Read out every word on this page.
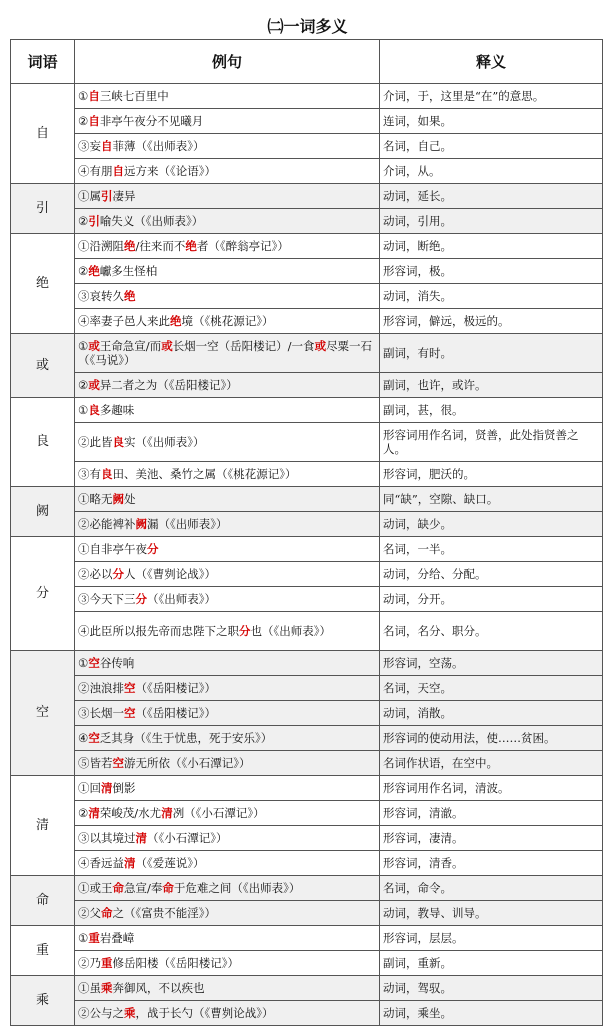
㈡一词多义
词语	例句	释义
自	①自三峡七百里中	介词，于，这里是“在”的意思。
	②自非亭午夜分不见曦月	连词，如果。
	③妄自菲薄（《出师表》）	名词，自己。
	④有朋自远方来（《论语》）	介词，从。
引	①属引凄异	动词，延长。
	②引喻失义（《出师表》）	动词，引用。
绝	①沿溯阻绝/往来而不绝者（《醉翁亭记》）	动词，断绝。
	②绝巘多生怪柏	形容词，极。
	③哀转久绝	动词，消失。
	④率妻子邑人来此绝境（《桃花源记》）	形容词，僻远，极远的。
或	①或王命急宣/而或长烟一空（岳阳楼记）/一食或尽粟一石（《马说》）	副词，有时。
	②或异二者之为（《岳阳楼记》）	副词，也许，或许。
良	①良多趣味	副词，甚，很。
	②此皆良实（《出师表》）	形容词用作名词，贤善，此处指贤善之人。
	③有良田、美池、桑竹之属（《桃花源记》）	形容词，肥沃的。
阙	①略无阙处	同“缺”，空隙、缺口。
	②必能裨补阙漏（《出师表》）	动词，缺少。
分	①自非亭午夜分	名词，一半。
	②必以分人（《曹刿论战》）	动词，分给、分配。
	③今天下三分（《出师表》）	动词，分开。
	④此臣所以报先帝而忠陛下之职分也（《出师表》）	名词，名分、职分。
空	①空谷传响	形容词，空荡。
	②浊浪排空（《岳阳楼记》）	名词，天空。
	③长烟一空（《岳阳楼记》）	动词，消散。
	④空乏其身（《生于忧患，死于安乐》）	形容词的使动用法，使……贫困。
	⑤皆若空游无所依（《小石潭记》）	名词作状语，在空中。
清	①回清倒影	形容词用作名词，清波。
	②清荣峻茂/水尤清冽（《小石潭记》）	形容词，清澈。
	③以其境过清（《小石潭记》）	形容词，凄清。
	④香远益清（《爱莲说》）	形容词，清香。
命	①或王命急宣/奉命于危难之间（《出师表》）	名词，命令。
	②父命之（《富贵不能淫》）	动词，教导、训导。
重	①重岩叠嶂	形容词，层层。
	②乃重修岳阳楼（《岳阳楼记》）	副词，重新。
乘	①虽乘奔御风，不以疾也	动词，驾驭。
	②公与之乘，战于长勺（《曹刿论战》）	动词，乘坐。
